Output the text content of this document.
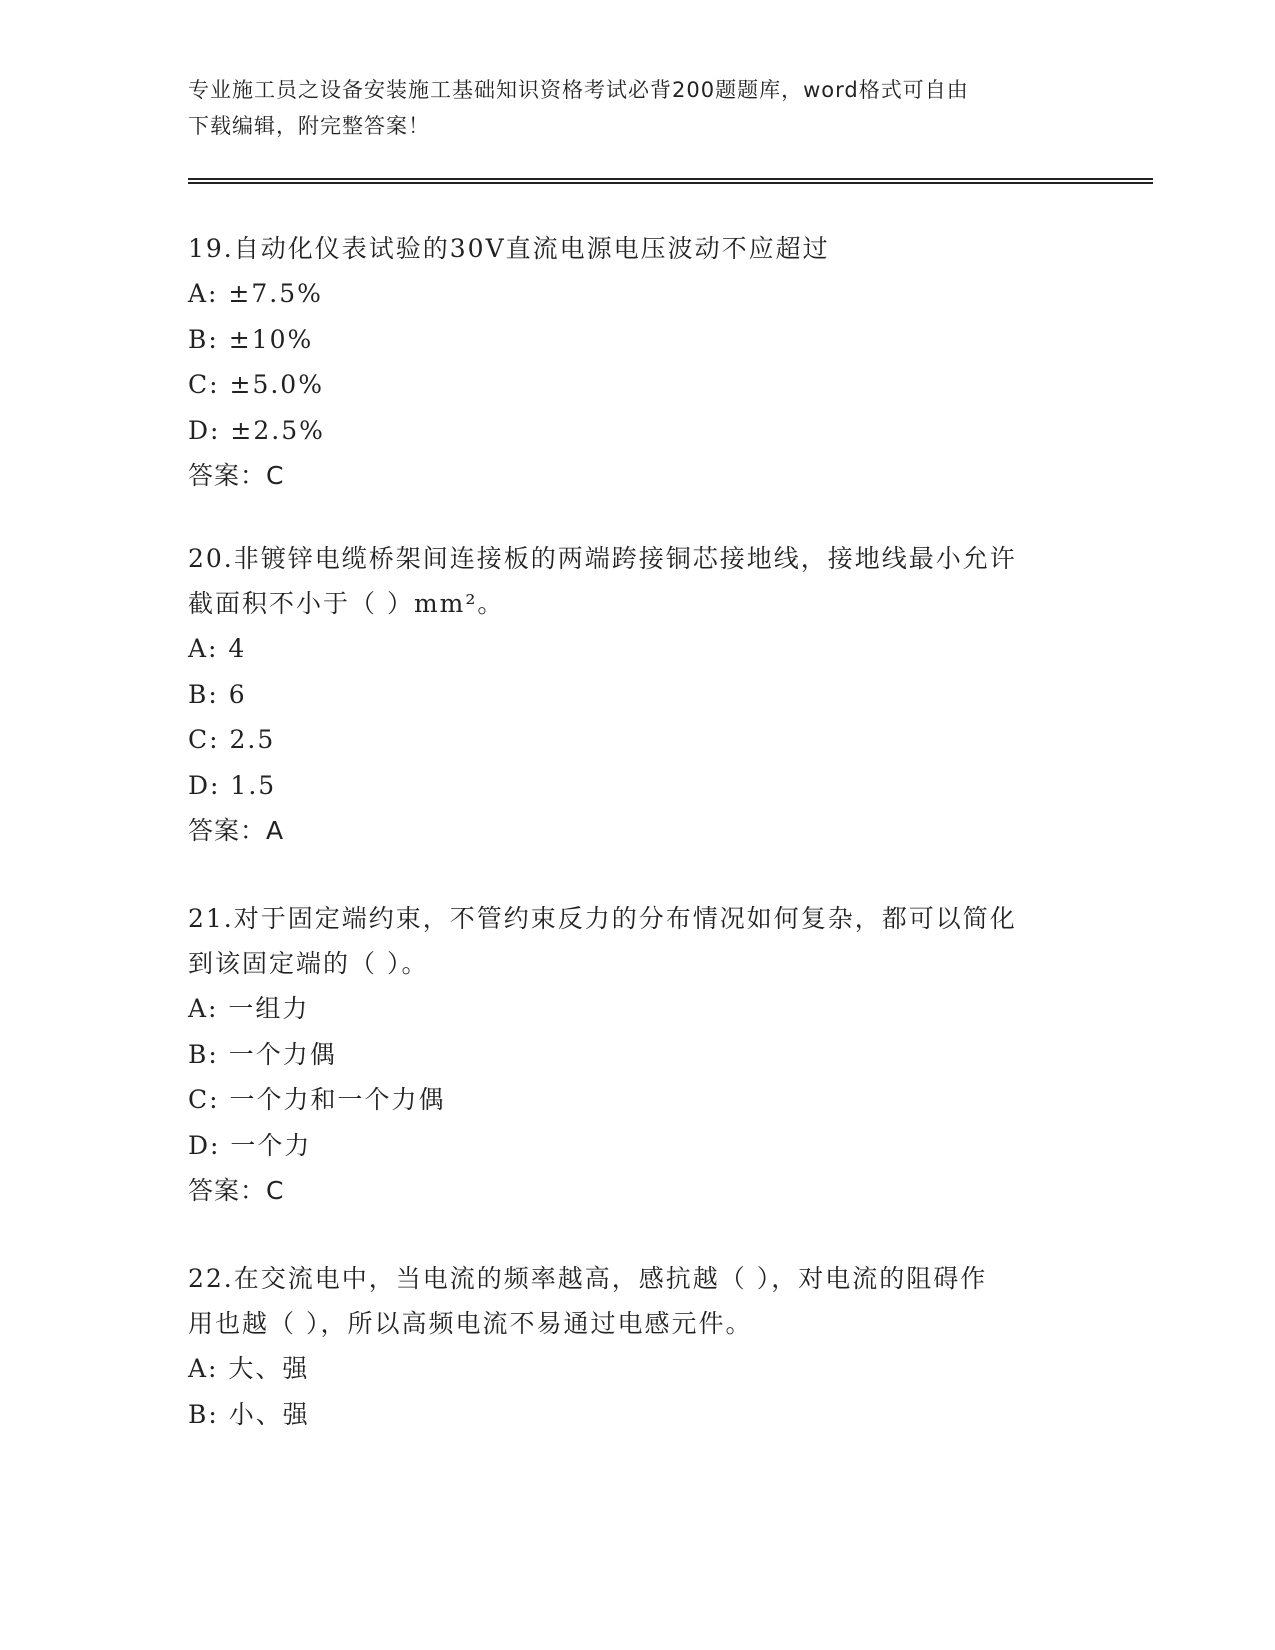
专业施工员之设备安装施工基础知识资格考试必背200题题库，word格式可自由
下载编辑，附完整答案！

19.自动化仪表试验的30V直流电源电压波动不应超过

A: ±7.5%
B: ±10%
C: ±5.0%
D: ±2.5%
答案：C

20.非镀锌电缆桥架间连接板的两端跨接铜芯接地线，接地线最小允许
截面积不小于（ ）mm²。

A: 4
B: 6
C: 2.5
D: 1.5
答案：A

21.对于固定端约束，不管约束反力的分布情况如何复杂，都可以简化
到该固定端的（ ）。

A: 一组力
B: 一个力偶
C: 一个力和一个力偶
D: 一个力
答案：C

22.在交流电中，当电流的频率越高，感抗越（ ），对电流的阻碍作
用也越（ ），所以高频电流不易通过电感元件。

A: 大、强
B: 小、强
